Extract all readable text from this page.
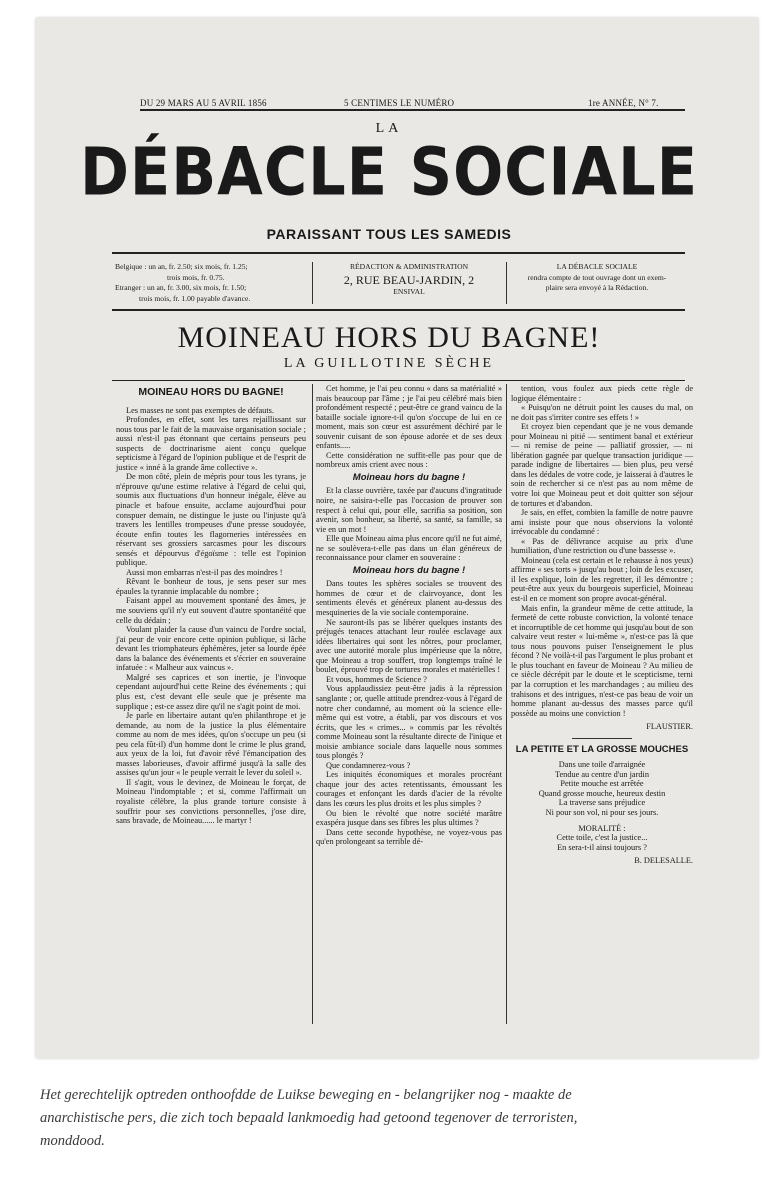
DU 29 MARS AU 5 AVRIL 1856	5 CENTIMES LE NUMÉRO	1re ANNÉE, N° 7.
LA
DÉBACLE SOCIALE
PARAISSANT TOUS LES SAMEDIS
Belgique : un an, fr. 2.50; six mois, fr. 1.25;
trois mois, fr. 0.75.
Etranger : un an, fr. 3.00, six mois, fr. 1.50;
trois mois, fr. 1.00 payable d'avance.
RÉDACTION & ADMINISTRATION
2, RUE BEAU-JARDIN, 2
ENSIVAL
LA DÉBACLE SOCIALE
rendra compte de tout ouvrage dont un exem-
plaire sera envoyé à la Rédaction.
MOINEAU HORS DU BAGNE!
LA GUILLOTINE SÈCHE

MOINEAU HORS DU BAGNE!

Les masses ne sont pas exemptes de défauts.

Profondes, en effet, sont les tares rejaillissant sur nous tous par le fait de la mauvaise organisation sociale ; aussi n'est-il pas étonnant que certains penseurs peu suspects de doctrinarisme aient conçu quelque septicisme à l'égard de l'opinion publique et de l'esprit de justice « inné à la grande âme collective ».

De mon côté, plein de mépris pour tous les tyrans, je n'éprouve qu'une estime relative à l'égard de celui qui, soumis aux fluctuations d'un honneur inégale, élève au pinacle et bafoue ensuite, acclame aujourd'hui pour conspuer demain, ne distingue le juste ou l'injuste qu'à travers les lentilles trompeuses d'une presse soudoyée, écoute enfin toutes les flagorneries intéressées en réservant ses grossiers sarcasmes pour les discours sensés et dépourvus d'égoïsme : telle est l'opinion publique.

Aussi mon embarras n'est-il pas des moindres !

Rêvant le bonheur de tous, je sens peser sur mes épaules la tyrannie implacable du nombre ;

Faisant appel au mouvement spontané des âmes, je me souviens qu'il n'y eut souvent d'autre spontanéité que celle du dédain ;

Voulant plaider la cause d'un vaincu de l'ordre social, j'ai peur de voir encore cette opinion publique, si lâche devant les triomphateurs éphémères, jeter sa lourde épée dans la balance des événements et s'écrier en souveraine infatuée : « Malheur aux vaincus ».

Malgré ses caprices et son inertie, je l'invoque cependant aujourd'hui cette Reine des événements ; qui plus est, c'est devant elle seule que je présente ma supplique ; est-ce assez dire qu'il ne s'agit point de moi.

Je parle en libertaire autant qu'en philanthrope et je demande, au nom de la justice la plus élémentaire comme au nom de mes idées, qu'on s'occupe un peu (si peu cela fût-il) d'un homme dont le crime le plus grand, aux yeux de la loi, fut d'avoir rêvé l'émancipation des masses laborieuses, d'avoir affirmé jusqu'à la salle des assises qu'un jour « le peuple verrait le lever du soleil ».

Il s'agit, vous le devinez, de Moineau le forçat, de Moineau l'indomptable ; et si, comme l'affirmait un royaliste célèbre, la plus grande torture consiste à souffrir pour ses convictions personnelles, j'ose dire, sans bravade, de Moineau...... le martyr !

Cet homme, je l'ai peu connu « dans sa matérialité » mais beaucoup par l'âme ; je l'ai peu célébré mais bien profondément respecté ; peut-être ce grand vaincu de la bataille sociale ignore-t-il qu'on s'occupe de lui en ce moment, mais son cœur est assurément déchiré par le souvenir cuisant de son épouse adorée et de ses deux enfants.....

Cette considération ne suffit-elle pas pour que de nombreux amis crient avec nous :

Moineau hors du bagne !

Et la classe ouvrière, taxée par d'aucuns d'ingratitude noire, ne saisira-t-elle pas l'occasion de prouver son respect à celui qui, pour elle, sacrifia sa position, son avenir, son bonheur, sa liberté, sa santé, sa famille, sa vie en un mot !

Elle que Moineau aima plus encore qu'il ne fut aimé, ne se soulèvera-t-elle pas dans un élan généreux de reconnaissance pour clamer en souveraine :

Moineau hors du bagne !

Dans toutes les sphères sociales se trouvent des hommes de cœur et de clairvoyance, dont les sentiments élevés et généreux planent au-dessus des mesquineries de la vie sociale contemporaine.

Ne sauront-ils pas se libérer quelques instants des préjugés tenaces attachant leur roulée esclavage aux idées libertaires qui sont les nôtres, pour proclamer, avec une autorité morale plus impérieuse que la nôtre, que Moineau a trop souffert, trop longtemps traîné le boulet, éprouvé trop de tortures morales et matérielles !

Et vous, hommes de Science ?

Vous applaudissiez peut-être jadis à la répression sanglante ; or, quelle attitude prendrez-vous à l'égard de notre cher condamné, au moment où la science elle-même qui est votre, a établi, par vos discours et vos écrits, que les « crimes... » commis par les révoltés comme Moineau sont la résultante directe de l'inique et moisie ambiance sociale dans laquelle nous sommes tous plongés ?

Que condamnerez-vous ?

Les iniquités économiques et morales procréant chaque jour des actes retentissants, émoussant les courages et enfonçant les dards d'acier de la révolte dans les cœurs les plus droits et les plus simples ?

Ou bien le révolté que notre société marâtre exaspéra jusque dans ses fibres les plus ultimes ?

Dans cette seconde hypothèse, ne voyez-vous pas qu'en prolongeant sa terrible dé-

tention, vous foulez aux pieds cette règle de logique élémentaire :

« Puisqu'on ne détruit point les causes du mal, on ne doit pas s'irriter contre ses effets ! »

Et croyez bien cependant que je ne vous demande pour Moineau ni pitié — sentiment banal et extérieur — ni remise de peine — palliatif grossier, — ni libération gagnée par quelque transaction juridique — parade indigne de libertaires — bien plus, peu versé dans les dédales de votre code, je laisserai à d'autres le soin de rechercher si ce n'est pas au nom même de votre loi que Moineau peut et doit quitter son séjour de tortures et d'abandon.

Je sais, en effet, combien la famille de notre pauvre ami insiste pour que nous observions la volonté irrévocable du condamné :

« Pas de délivrance acquise au prix d'une humiliation, d'une restriction ou d'une bassesse ».

Moineau (cela est certain et le rehausse à nos yeux) affirme « ses torts » jusqu'au bout ; loin de les excuser, il les explique, loin de les regretter, il les démontre ; peut-être aux yeux du bourgeois superficiel, Moineau est-il en ce moment son propre avocat-général.

Mais enfin, la grandeur même de cette attitude, la fermeté de cette robuste conviction, la volonté tenace et incorruptible de cet homme qui jusqu'au bout de son calvaire veut rester « lui-même », n'est-ce pas là que tous nous pouvons puiser l'enseignement le plus fécond ? Ne voilà-t-il pas l'argument le plus probant et le plus touchant en faveur de Moineau ? Au milieu de ce siècle décrépit par le doute et le scepticisme, terni par la corruption et les marchandages ; au milieu des trahisons et des intrigues, n'est-ce pas beau de voir un homme planant au-dessus des masses parce qu'il possède au moins une conviction !

FLAUSTIER.

LA PETITE ET LA GROSSE MOUCHES

Dans une toile d'arraignée

Tendue au centre d'un jardin

Petite mouche est arrêtée

Quand grosse mouche, heureux destin

La traverse sans préjudice

Ni pour son vol, ni pour ses jours.

MORALITÉ :

Cette toile, c'est la justice...

En sera-t-il ainsi toujours ?

B. DELESALLE.

Het gerechtelijk optreden onthoofdde de Luikse beweging en - belangrijker nog - maakte de
anarchistische pers, die zich toch bepaald lankmoedig had getoond tegenover de terroristen,
monddood.
